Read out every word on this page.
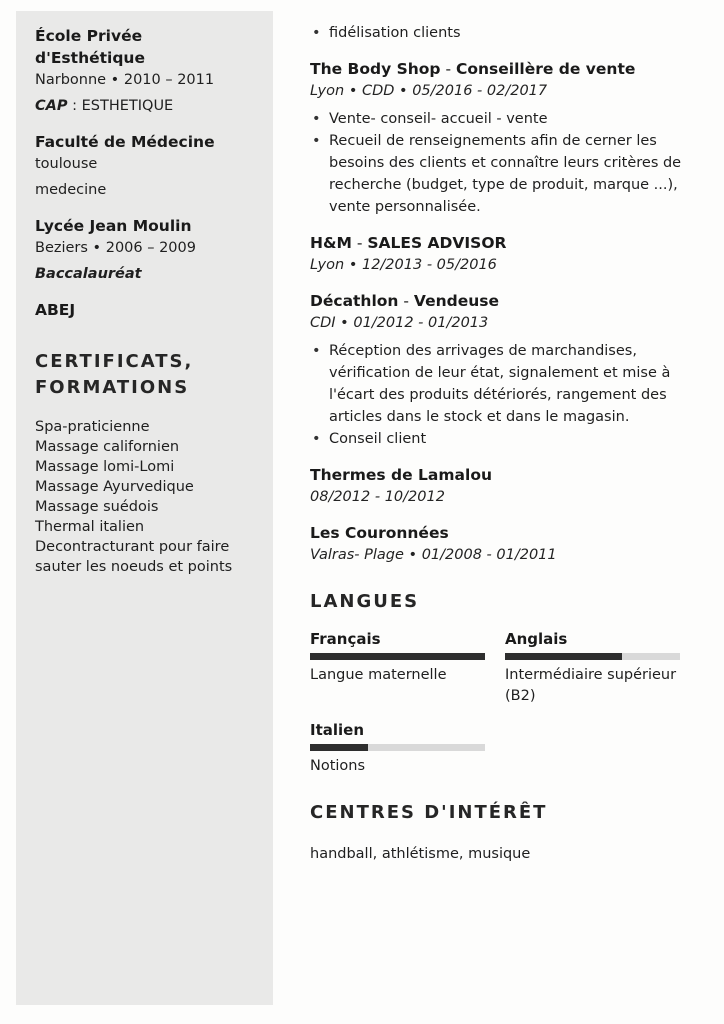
École Privée d'Esthétique
Narbonne • 2010 – 2011
CAP : ESTHETIQUE
Faculté de Médecine
toulouse
medecine
Lycée Jean Moulin
Beziers • 2006 – 2009
Baccalauréat
ABEJ
CERTIFICATS, FORMATIONS
Spa-praticienne
Massage californien
Massage lomi-Lomi
Massage Ayurvedique
Massage suédois
Thermal italien
Decontracturant pour faire sauter les noeuds et points
• fidélisation clients
The Body Shop - Conseillère de vente
Lyon • CDD • 05/2016 - 02/2017
• Vente- conseil- accueil - vente
• Recueil de renseignements afin de cerner les besoins des clients et connaître leurs critères de recherche (budget, type de produit, marque ...), vente personnalisée.
H&M - SALES ADVISOR
Lyon • 12/2013 - 05/2016
Décathlon - Vendeuse
CDI • 01/2012 - 01/2013
• Réception des arrivages de marchandises, vérification de leur état, signalement et mise à l'écart des produits détériorés, rangement des articles dans le stock et dans le magasin.
• Conseil client
Thermes de Lamalou
08/2012 - 10/2012
Les Couronnées
Valras- Plage • 01/2008 - 01/2011
LANGUES
Français
Langue maternelle
Anglais
Intermédiaire supérieur (B2)
Italien
Notions
CENTRES D'INTÉRÊT

handball, athlétisme, musique
